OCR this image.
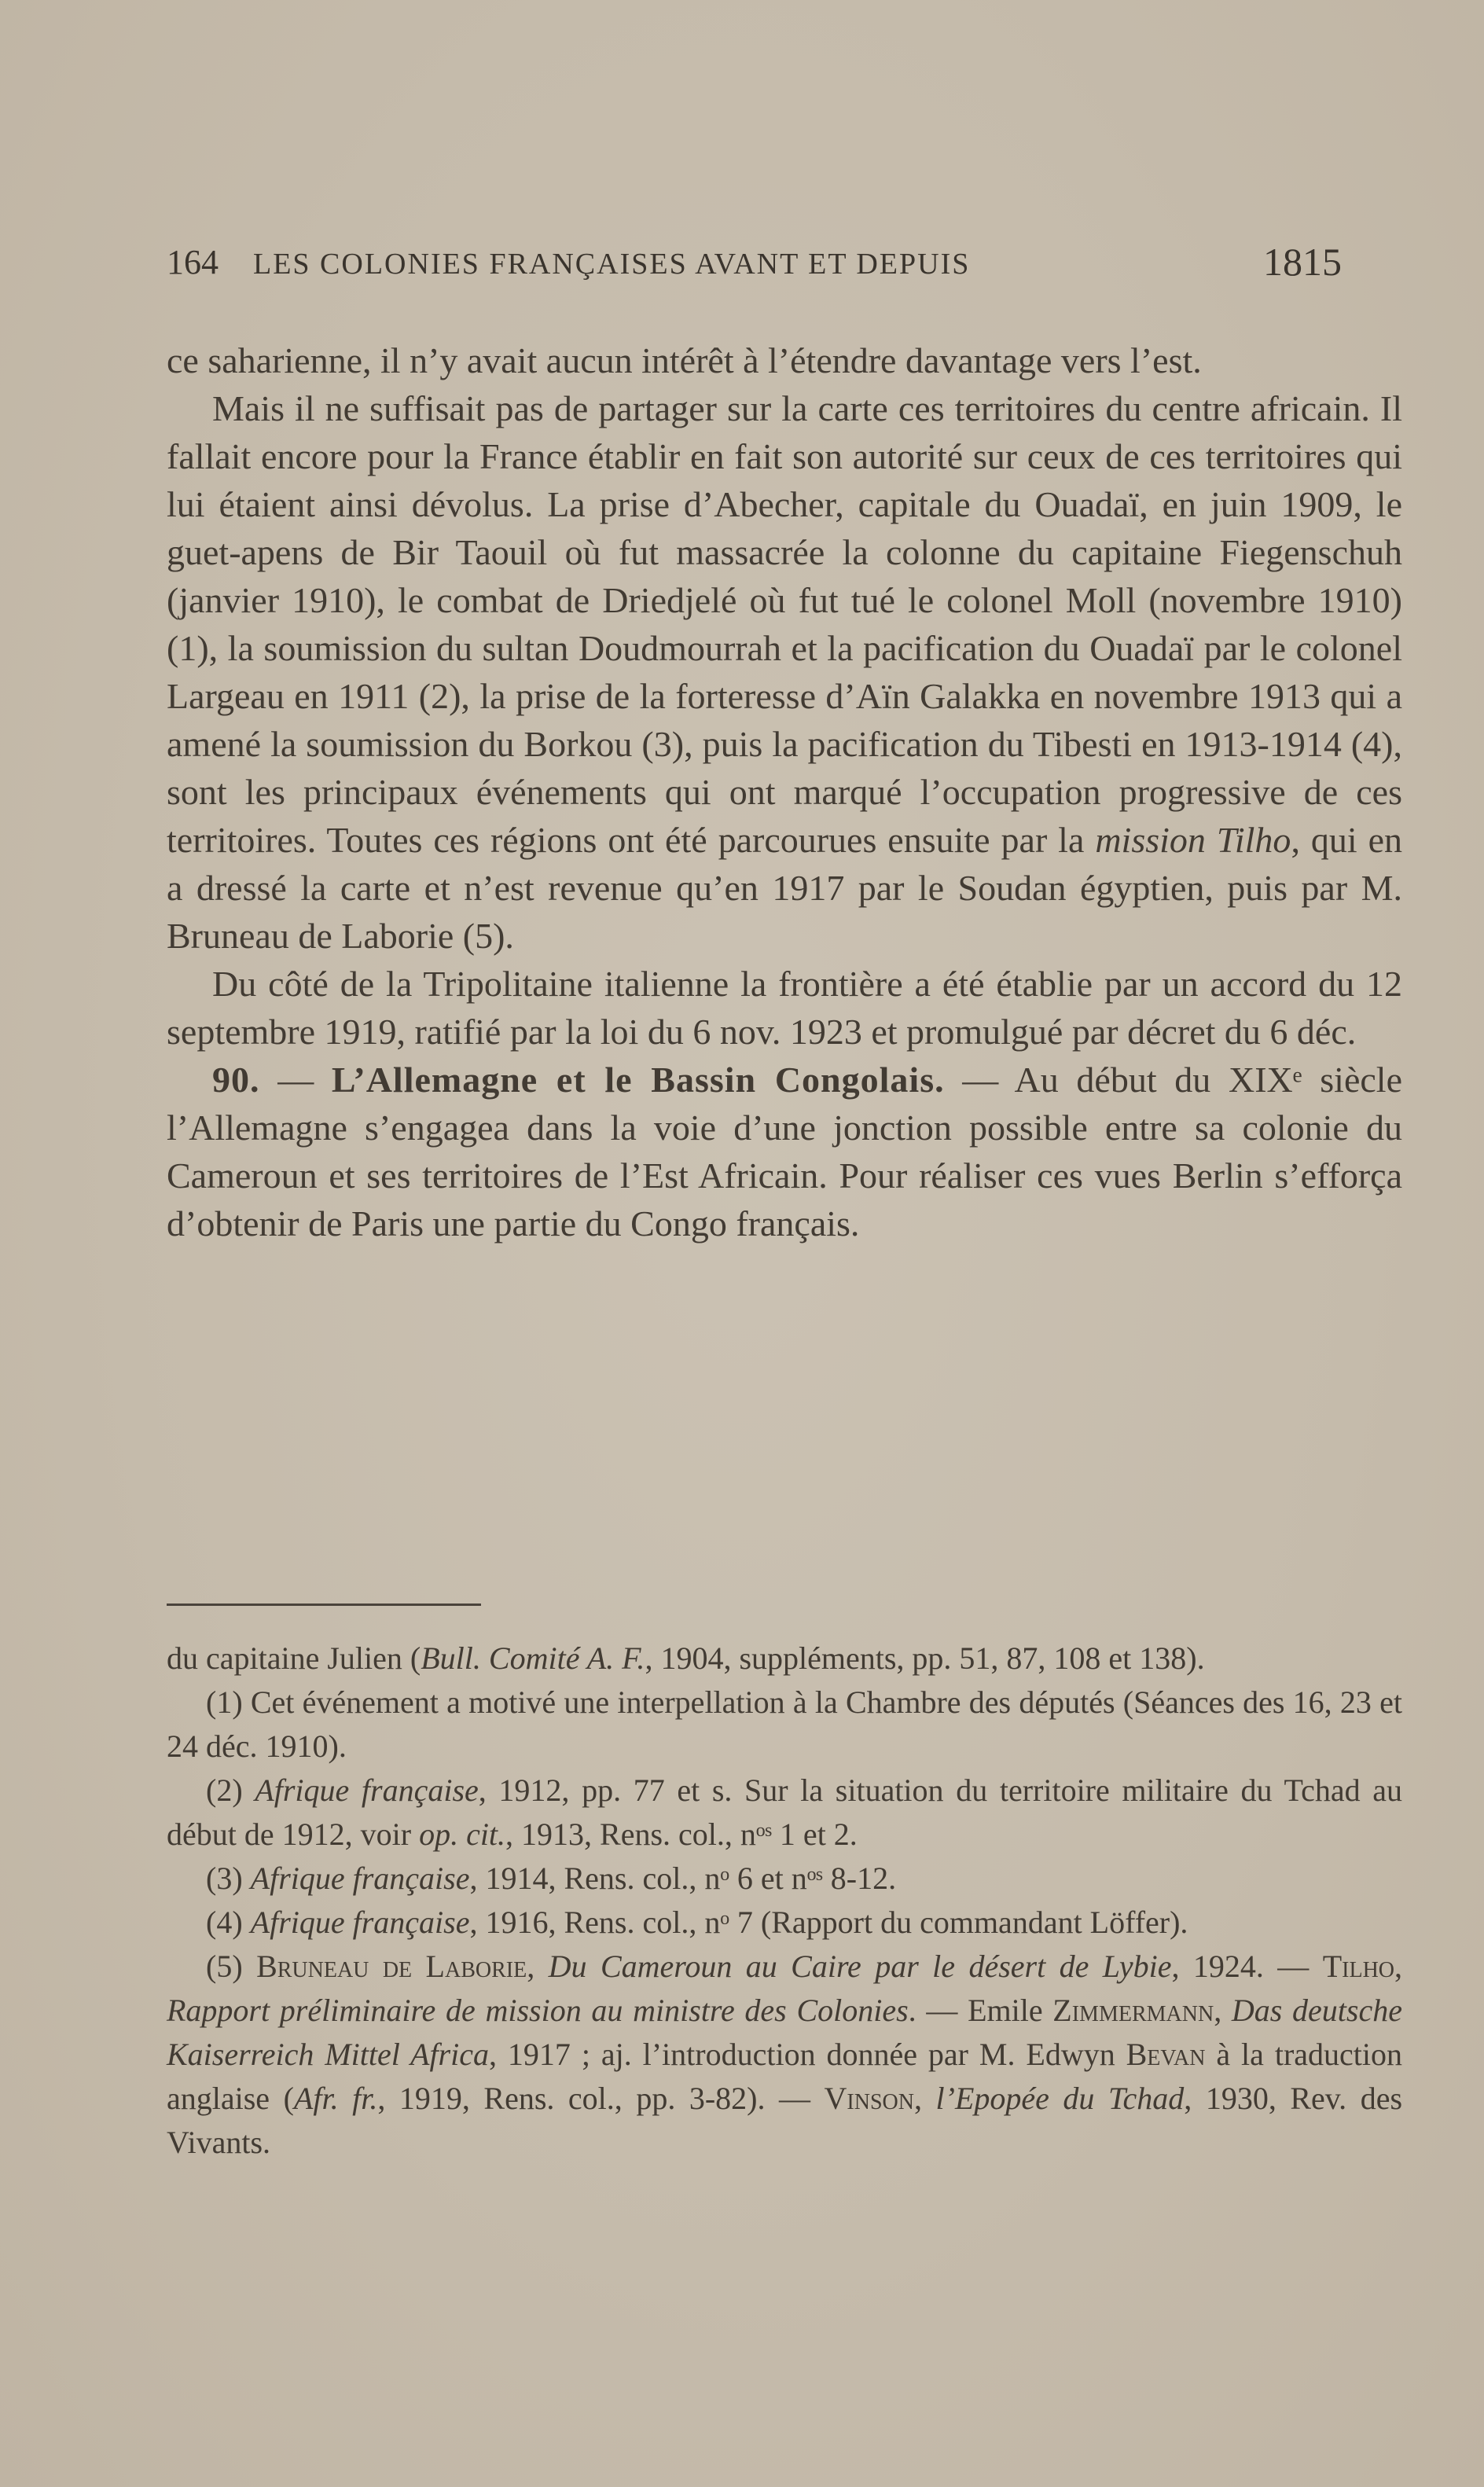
164 LES COLONIES FRANÇAISES AVANT ET DEPUIS	1815

ce saharienne, il n’y avait aucun intérêt à l’étendre davantage vers l’est.

Mais il ne suffisait pas de partager sur la carte ces territoires du centre africain. Il fallait encore pour la France établir en fait son autorité sur ceux de ces territoires qui lui étaient ainsi dévolus. La prise d’Abecher, capitale du Ouadaï, en juin 1909, le guet-apens de Bir Taouil où fut massacrée la colonne du capitaine Fiegenschuh (janvier 1910), le combat de Driedjelé où fut tué le colonel Moll (novembre 1910) (1), la soumission du sultan Doudmourrah et la pacification du Ouadaï par le colonel Largeau en 1911 (2), la prise de la forteresse d’Aïn Galakka en novembre 1913 qui a amené la soumission du Borkou (3), puis la pacification du Tibesti en 1913-1914 (4), sont les principaux événements qui ont marqué l’occupation progressive de ces territoires. Toutes ces régions ont été parcourues ensuite par la mission Tilho, qui en a dressé la carte et n’est revenue qu’en 1917 par le Soudan égyptien, puis par M. Bruneau de Laborie (5).

Du côté de la Tripolitaine italienne la frontière a été établie par un accord du 12 septembre 1919, ratifié par la loi du 6 nov. 1923 et promulgué par décret du 6 déc.

90. — L’Allemagne et le Bassin Congolais. — Au début du XIXᵉ siècle l’Allemagne s’engagea dans la voie d’une jonction possible entre sa colonie du Cameroun et ses territoires de l’Est Africain. Pour réaliser ces vues Berlin s’efforça d’obtenir de Paris une partie du Congo français.

du capitaine Julien (Bull. Comité A. F., 1904, suppléments, pp. 51, 87, 108 et 138).

(1) Cet événement a motivé une interpellation à la Chambre des députés (Séances des 16, 23 et 24 déc. 1910).

(2) Afrique française, 1912, pp. 77 et s. Sur la situation du territoire militaire du Tchad au début de 1912, voir op. cit., 1913, Rens. col., nᵒˢ 1 et 2.

(3) Afrique française, 1914, Rens. col., nᵒ 6 et nᵒˢ 8-12.

(4) Afrique française, 1916, Rens. col., nᵒ 7 (Rapport du commandant Löffer).

(5) Bruneau de Laborie, Du Cameroun au Caire par le désert de Lybie, 1924. — Tilho, Rapport préliminaire de mission au ministre des Colonies. — Emile Zimmermann, Das deutsche Kaiserreich Mittel Africa, 1917 ; aj. l’introduction donnée par M. Edwyn Bevan à la traduction anglaise (Afr. fr., 1919, Rens. col., pp. 3-82). — Vinson, l’Epopée du Tchad, 1930, Rev. des Vivants.
